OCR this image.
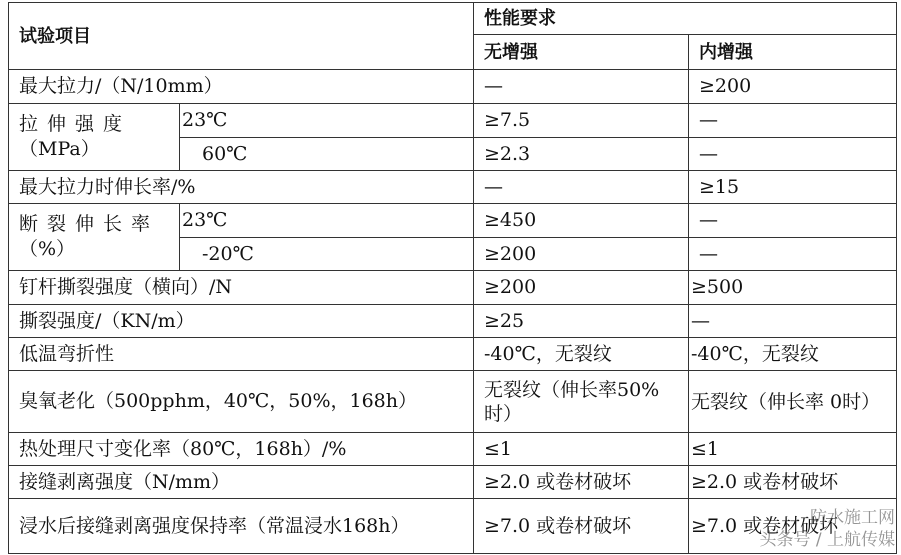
试验项目		性能要求	
		无增强	内增强
最大拉力/（N/10mm）		—	≥200

拉伸强度
（MPa）	23℃	≥7.5	—
	60℃	≥2.3	—
最大拉力时伸长率/%		—	≥15

断裂伸长率
（%）	23℃	≥450	—
	-20℃	≥200	—
钉杆撕裂强度（横向）/N		≥200	≥500
撕裂强度/（KN/m）		≥25	—
低温弯折性		-40℃，无裂纹	-40℃，无裂纹
臭氧老化（500pphm，40℃，50%，168h）		无裂纹（伸长率50%时）	无裂纹（伸长率 0时）
热处理尺寸变化率（80℃，168h）/%		≤1	≤1
接缝剥离强度（N/mm）		≥2.0 或卷材破坏	≥2.0 或卷材破坏
浸水后接缝剥离强度保持率（常温浸水168h）		≥7.0 或卷材破坏	≥7.0 或卷材破坏
防水施工网
头条号 / 上航传媒
